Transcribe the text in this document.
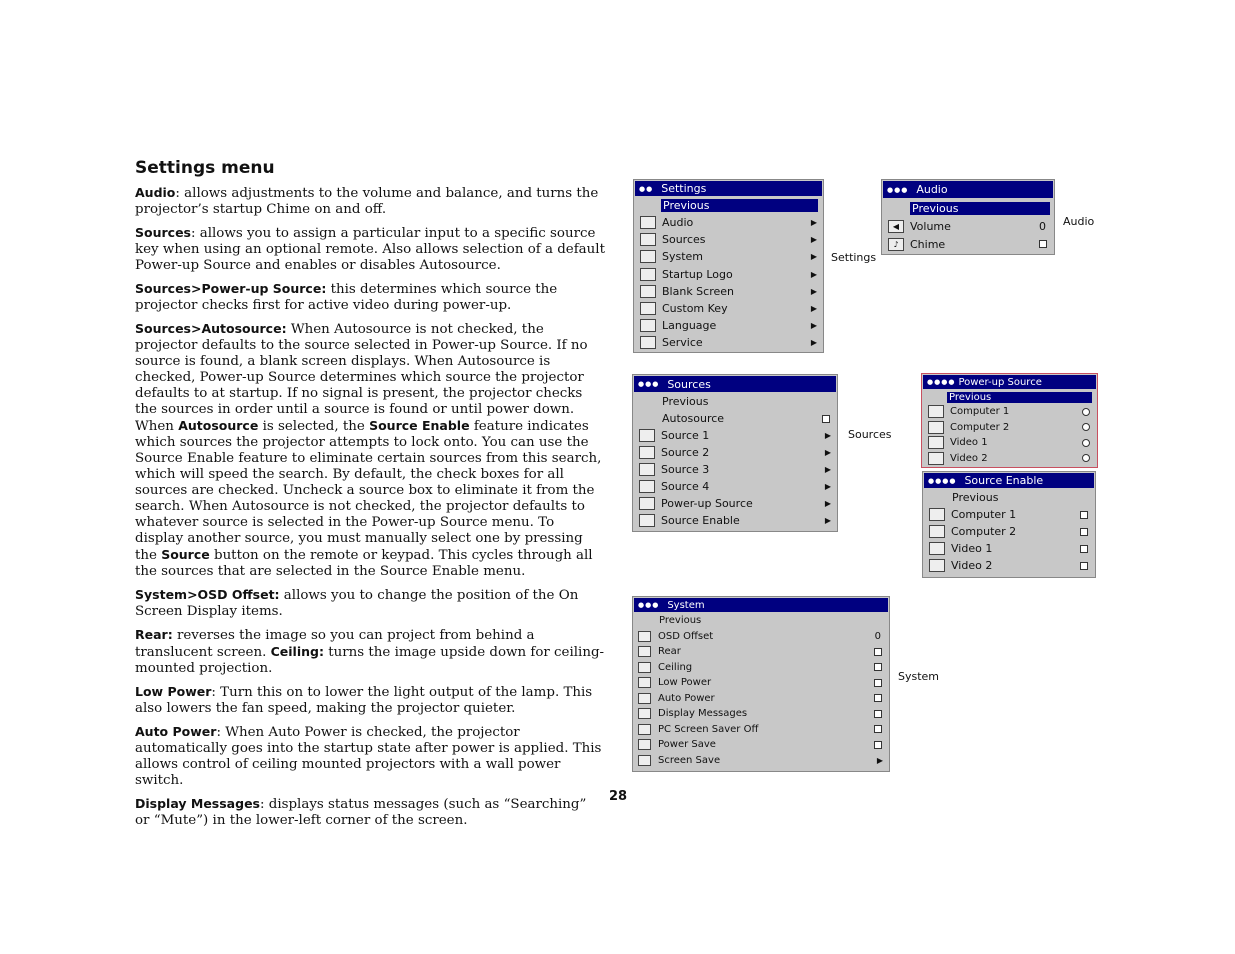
Settings menu

Audio: allows adjustments to the volume and balance, and turns the projector’s startup Chime on and off.

Sources: allows you to assign a particular input to a specific source key when using an optional remote. Also allows selection of a default Power-up Source and enables or disables Autosource.

Sources>Power-up Source: this determines which source the projector checks first for active video during power-up.

Sources>Autosource: When Autosource is not checked, the projector defaults to the source selected in Power-up Source. If no source is found, a blank screen displays. When Autosource is checked, Power-up Source determines which source the projector defaults to at startup. If no signal is present, the projector checks the sources in order until a source is found or until power down. When Autosource is selected, the Source Enable feature indicates which sources the projector attempts to lock onto. You can use the Source Enable feature to eliminate certain sources from this search, which will speed the search. By default, the check boxes for all sources are checked. Uncheck a source box to eliminate it from the search. When Autosource is not checked, the projector defaults to whatever source is selected in the Power-up Source menu. To display another source, you must manually select one by pressing the Source button on the remote or keypad. This cycles through all the sources that are selected in the Source Enable menu.

System>OSD Offset: allows you to change the position of the On Screen Display items.

Rear: reverses the image so you can project from behind a translucent screen. Ceiling: turns the image upside down for ceiling-mounted projection.

Low Power: Turn this on to lower the light output of the lamp. This also lowers the fan speed, making the projector quieter.

Auto Power: When Auto Power is checked, the projector automatically goes into the startup state after power is applied. This allows control of ceiling mounted projectors with a wall power switch.

Display Messages: displays status messages (such as “Searching” or “Mute”) in the lower-left corner of the screen.

28
●● Settings
Previous
Audio	▶
Sources	▶
System	▶
Startup Logo	▶
Blank Screen	▶
Custom Key	▶
Language	▶
Service	▶
Settings
●●● Audio
Previous
◀ Volume	0
♪	Chime
Audio
●●● Sources
Previous
Autosource
Source 1	▶
Source 2	▶
Source 3	▶
Source 4	▶
Power-up Source	▶
Source Enable	▶
Sources
●●●● Power-up Source
Previous
Computer 1
Computer 2
Video 1
Video 2
●●●● Source Enable
Previous
Computer 1
Computer 2
Video 1
Video 2
●●● System
Previous
OSD Offset	0
Rear
Ceiling
Low Power
Auto Power
Display Messages
PC Screen Saver Off
Power Save
Screen Save	▶
System
